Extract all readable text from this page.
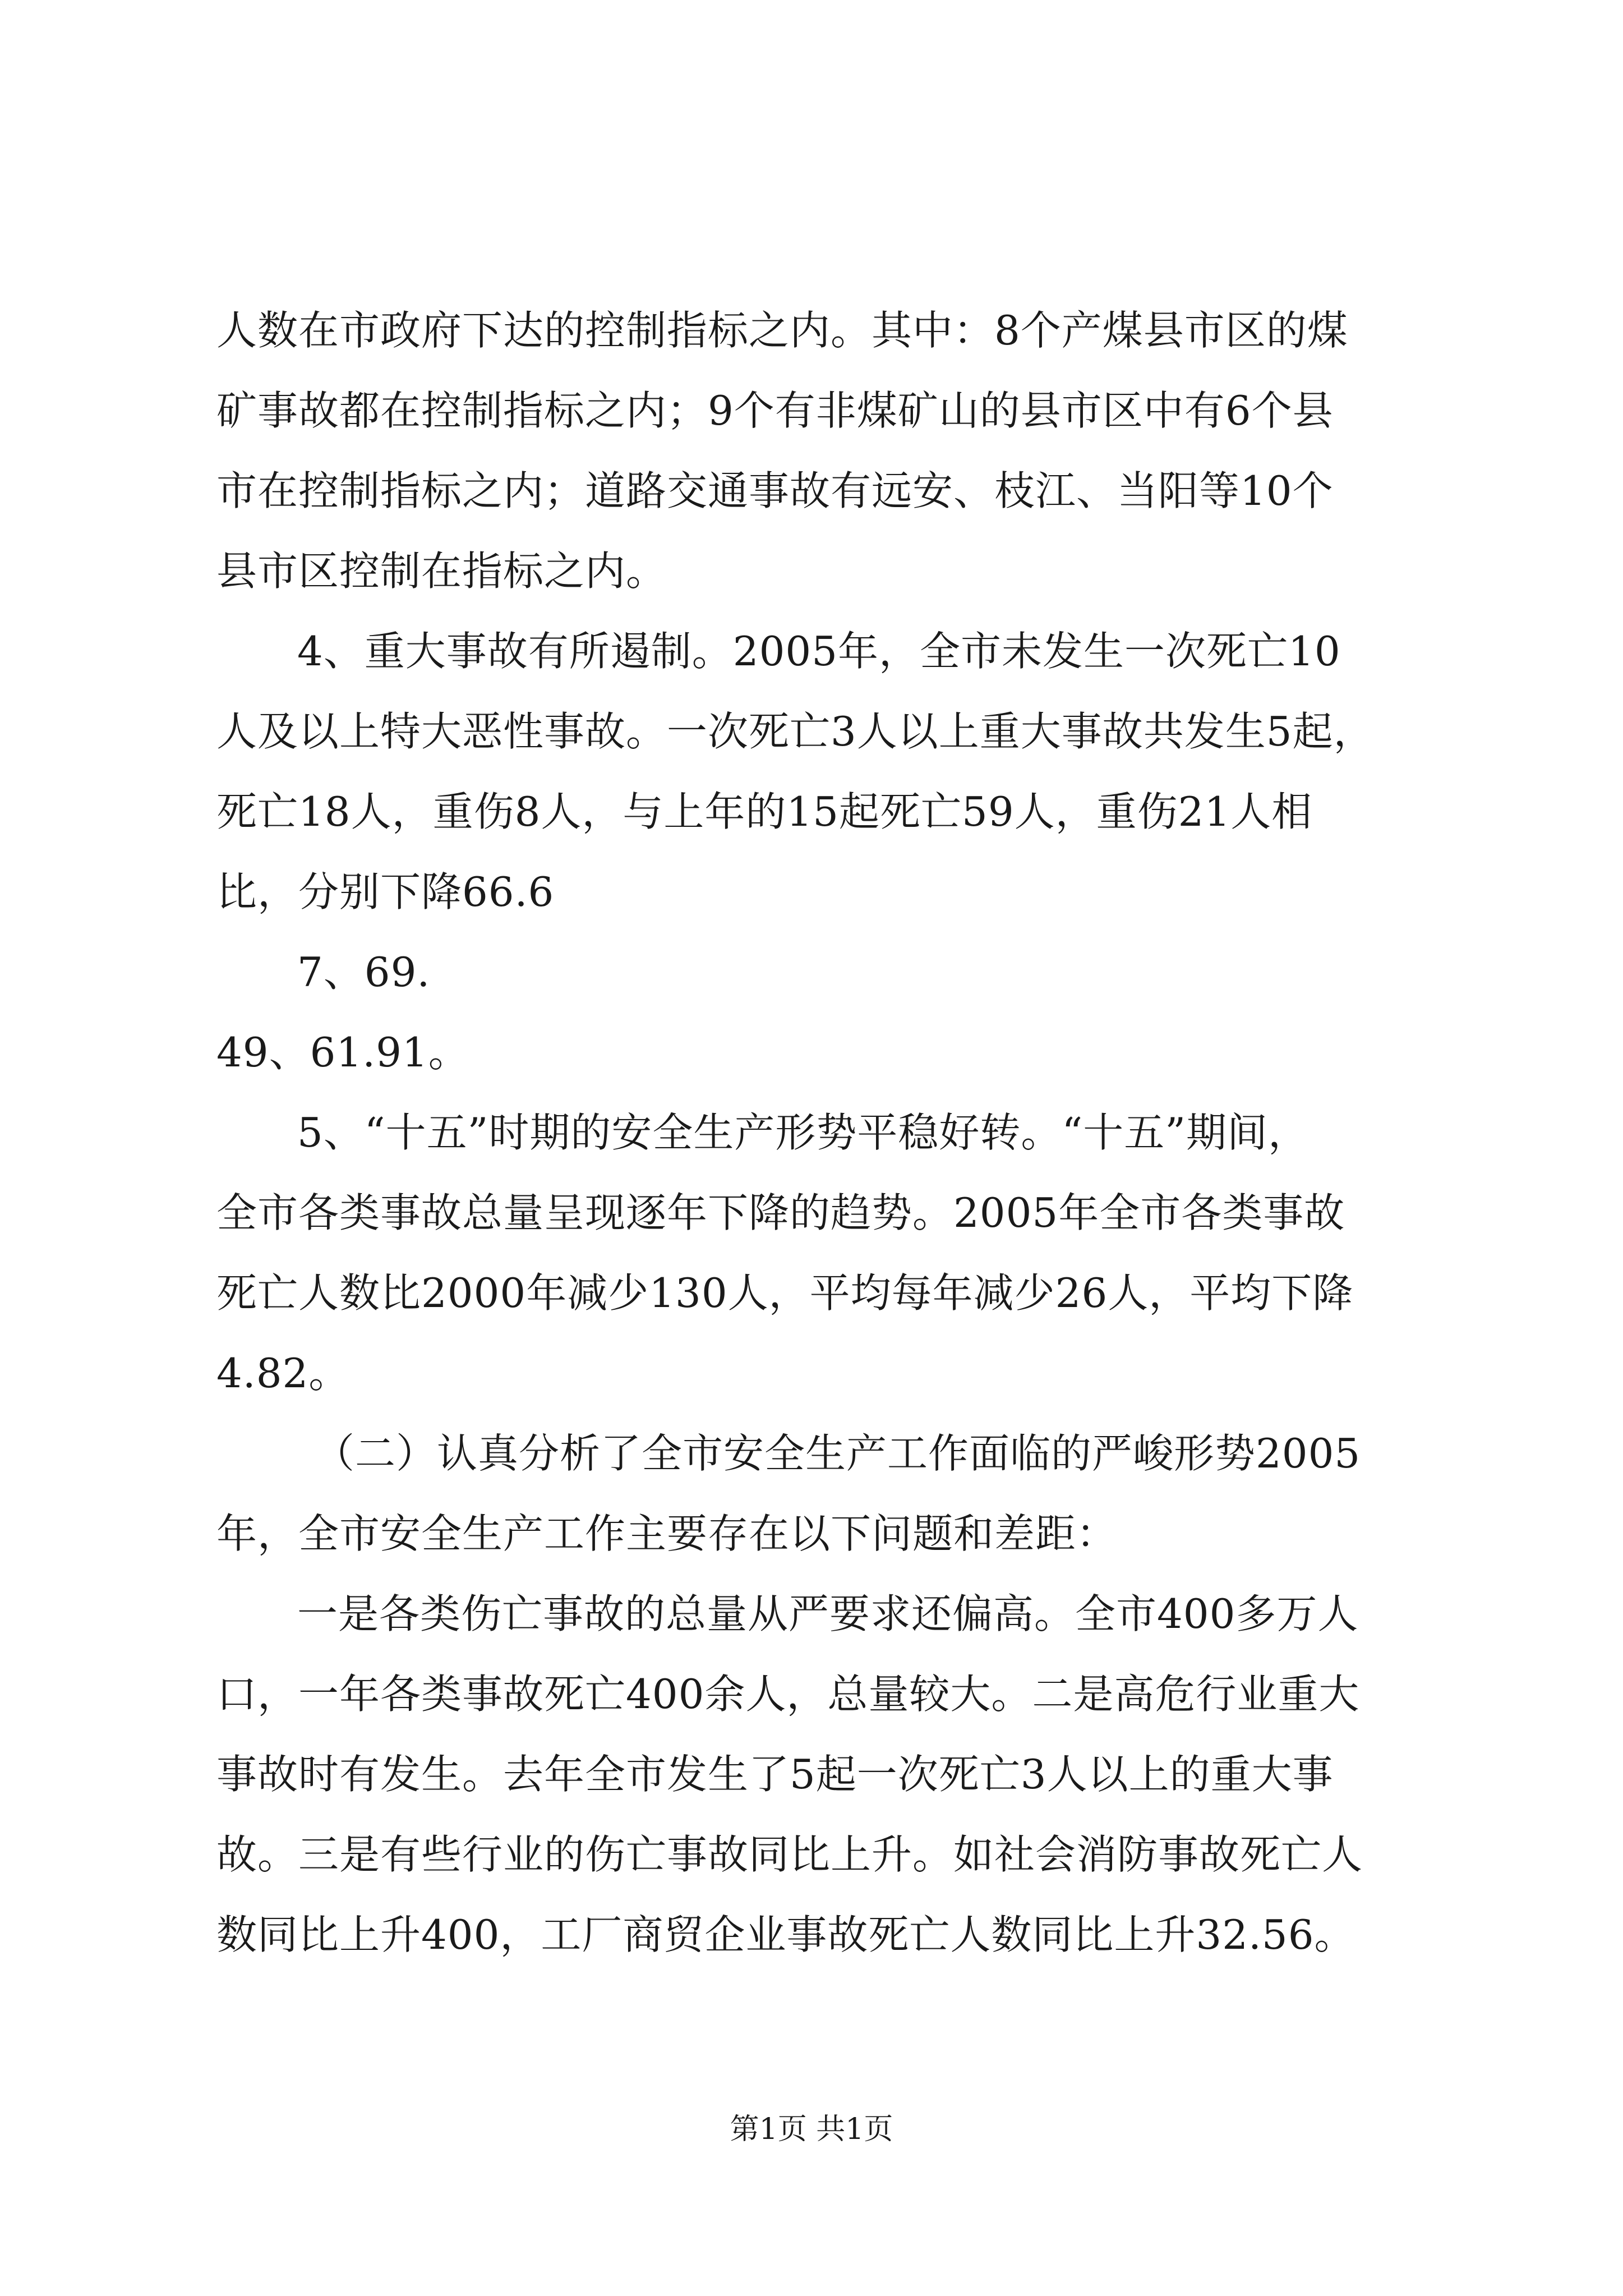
人数在市政府下达的控制指标之内。其中：8个产煤县市区的煤
矿事故都在控制指标之内；9个有非煤矿山的县市区中有6个县
市在控制指标之内；道路交通事故有远安、枝江、当阳等10个
县市区控制在指标之内。
4、重大事故有所遏制。2005年，全市未发生一次死亡10
人及以上特大恶性事故。一次死亡3人以上重大事故共发生5起，
死亡18人，重伤8人，与上年的15起死亡59人，重伤21人相
比，分别下降66.6
7、69.
49、61.91。
5、“十五”时期的安全生产形势平稳好转。“十五”期间，
全市各类事故总量呈现逐年下降的趋势。2005年全市各类事故
死亡人数比2000年减少130人，平均每年减少26人，平均下降
4.82。
（二）认真分析了全市安全生产工作面临的严峻形势2005
年，全市安全生产工作主要存在以下问题和差距：
一是各类伤亡事故的总量从严要求还偏高。全市400多万人
口，一年各类事故死亡400余人，总量较大。二是高危行业重大
事故时有发生。去年全市发生了5起一次死亡3人以上的重大事
故。三是有些行业的伤亡事故同比上升。如社会消防事故死亡人
数同比上升400，工厂商贸企业事故死亡人数同比上升32.56。
第1页 共1页
